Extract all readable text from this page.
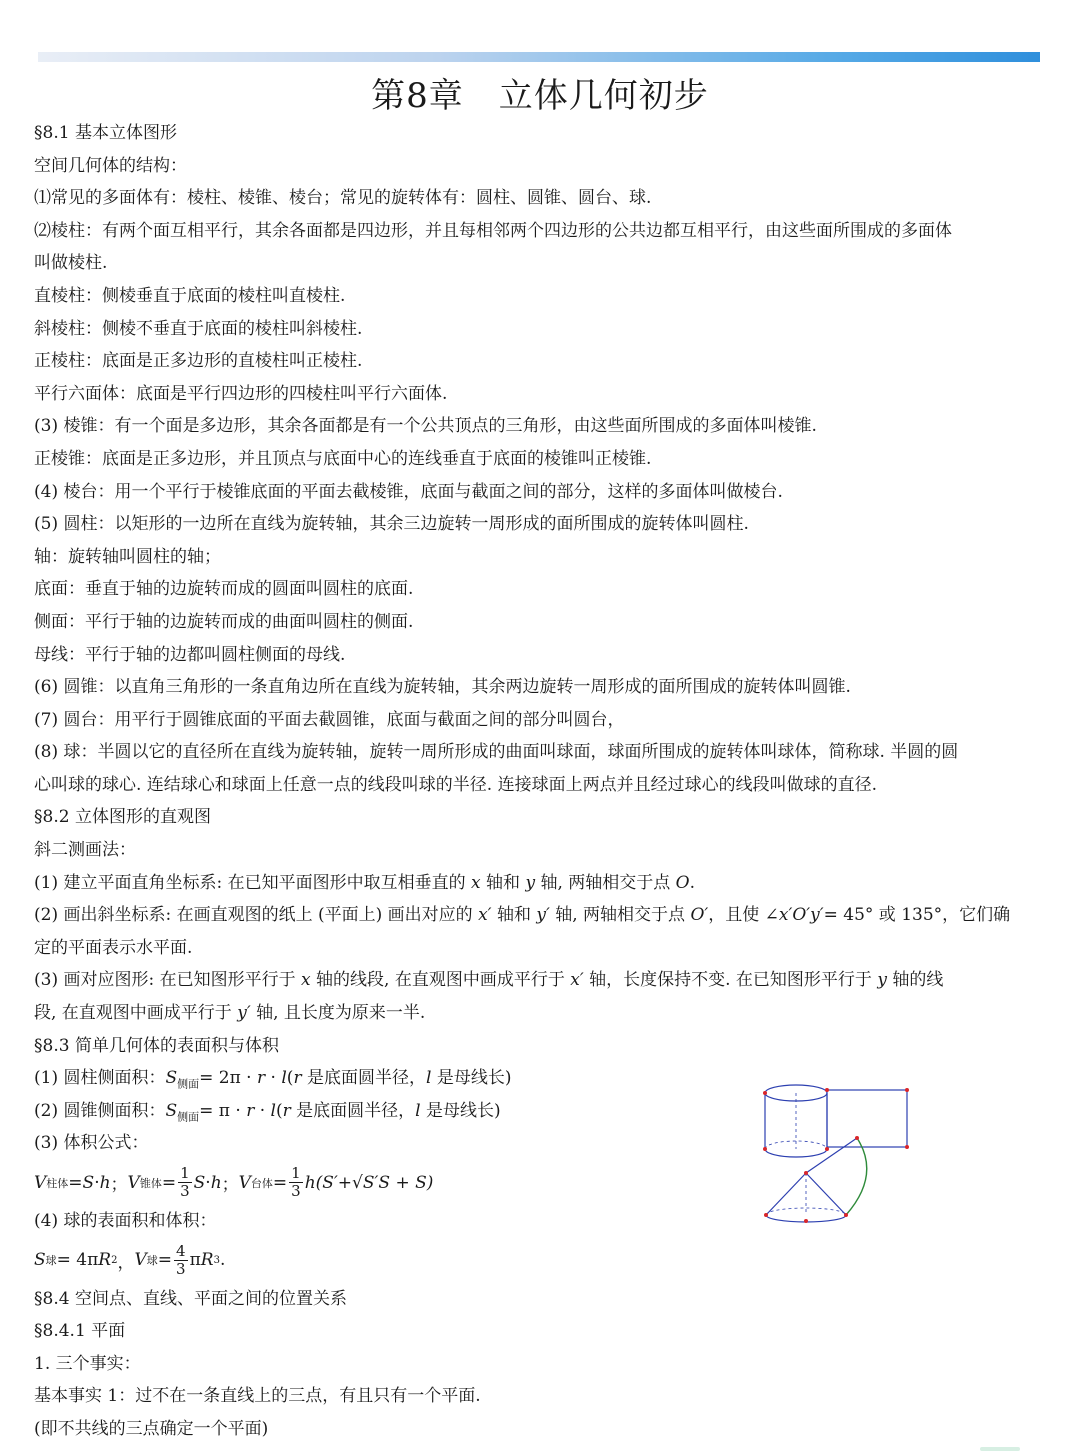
第8章　立体几何初步
§8.1 基本立体图形
空间几何体的结构：
⑴常见的多面体有：棱柱、棱锥、棱台；常见的旋转体有：圆柱、圆锥、圆台、球.
⑵棱柱：有两个面互相平行，其余各面都是四边形，并且每相邻两个四边形的公共边都互相平行，由这些面所围成的多面体
叫做棱柱.
直棱柱：侧棱垂直于底面的棱柱叫直棱柱.
斜棱柱：侧棱不垂直于底面的棱柱叫斜棱柱.
正棱柱：底面是正多边形的直棱柱叫正棱柱.
平行六面体：底面是平行四边形的四棱柱叫平行六面体.
(3) 棱锥：有一个面是多边形，其余各面都是有一个公共顶点的三角形，由这些面所围成的多面体叫棱锥.
正棱锥：底面是正多边形，并且顶点与底面中心的连线垂直于底面的棱锥叫正棱锥.
(4) 棱台：用一个平行于棱锥底面的平面去截棱锥，底面与截面之间的部分，这样的多面体叫做棱台.
(5) 圆柱：以矩形的一边所在直线为旋转轴，其余三边旋转一周形成的面所围成的旋转体叫圆柱.
轴：旋转轴叫圆柱的轴；
底面：垂直于轴的边旋转而成的圆面叫圆柱的底面.
侧面：平行于轴的边旋转而成的曲面叫圆柱的侧面.
母线：平行于轴的边都叫圆柱侧面的母线.
(6) 圆锥：以直角三角形的一条直角边所在直线为旋转轴，其余两边旋转一周形成的面所围成的旋转体叫圆锥.
(7) 圆台：用平行于圆锥底面的平面去截圆锥，底面与截面之间的部分叫圆台，
(8) 球：半圆以它的直径所在直线为旋转轴，旋转一周所形成的曲面叫球面，球面所围成的旋转体叫球体，简称球. 半圆的圆
心叫球的球心. 连结球心和球面上任意一点的线段叫球的半径. 连接球面上两点并且经过球心的线段叫做球的直径.
§8.2 立体图形的直观图
斜二测画法：
(1) 建立平面直角坐标系: 在已知平面图形中取互相垂直的 x 轴和 y 轴, 两轴相交于点 O.
(2) 画出斜坐标系: 在画直观图的纸上 (平面上) 画出对应的 x′ 轴和 y′ 轴, 两轴相交于点 O′，且使 ∠x′O′y′= 45° 或 135°，它们确
定的平面表示水平面.
(3) 画对应图形: 在已知图形平行于 x 轴的线段, 在直观图中画成平行于 x′ 轴，长度保持不变. 在已知图形平行于 y 轴的线
段, 在直观图中画成平行于 y′ 轴, 且长度为原来一半.
§8.3 简单几何体的表面积与体积
(1) 圆柱侧面积：$S_{侧面}= 2\pi \cdot r \cdot l(r$ 是底面圆半径，l 是母线长)
(2) 圆锥侧面积：$S_{侧面}= \pi \cdot r \cdot l(r$ 是底面圆半径，l 是母线长)
(3) 体积公式：
V 柱体 = S · h ； V 锥体 = $\frac{1}{3}$ S · h ； V 台体 = $\frac{1}{3}$ h (S′+√S′S + S)
(4) 球的表面积和体积：
S 球 = 4π R 2 ， V 球 = $\frac{4}{3}$ π R 3 .
§8.4 空间点、直线、平面之间的位置关系
§8.4.1 平面
1. 三个事实：
基本事实 1：过不在一条直线上的三点，有且只有一个平面.
(即不共线的三点确定一个平面)
